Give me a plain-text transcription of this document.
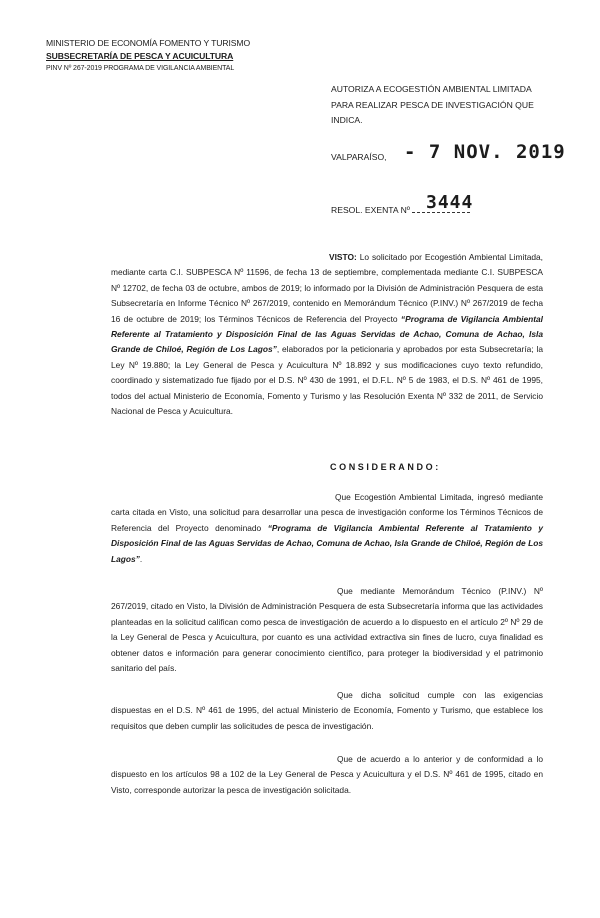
MINISTERIO DE ECONOMÍA FOMENTO Y TURISMO
SUBSECRETARÍA DE PESCA Y ACUICULTURA
PINV Nº 267-2019 PROGRAMA DE VIGILANCIA AMBIENTAL
AUTORIZA A ECOGESTIÓN AMBIENTAL LIMITADA
PARA REALIZAR PESCA DE INVESTIGACIÓN QUE
INDICA.
VALPARAÍSO, - 7 NOV. 2019
RESOL. EXENTA Nº 3444
VISTO: Lo solicitado por Ecogestión Ambiental Limitada, mediante carta C.I. SUBPESCA Nº 11596, de fecha 13 de septiembre, complementada mediante C.I. SUBPESCA Nº 12702, de fecha 03 de octubre, ambos de 2019; lo informado por la División de Administración Pesquera de esta Subsecretaría en Informe Técnico Nº 267/2019, contenido en Memorándum Técnico (P.INV.) Nº 267/2019 de fecha 16 de octubre de 2019; los Términos Técnicos de Referencia del Proyecto “Programa de Vigilancia Ambiental Referente al Tratamiento y Disposición Final de las Aguas Servidas de Achao, Comuna de Achao, Isla Grande de Chiloé, Región de Los Lagos”, elaborados por la peticionaria y aprobados por esta Subsecretaría; la Ley Nº 19.880; la Ley General de Pesca y Acuicultura Nº 18.892 y sus modificaciones cuyo texto refundido, coordinado y sistematizado fue fijado por el D.S. Nº 430 de 1991, el D.F.L. Nº 5 de 1983, el D.S. Nº 461 de 1995, todos del actual Ministerio de Economía, Fomento y Turismo y las Resolución Exenta Nº 332 de 2011, de Servicio Nacional de Pesca y Acuicultura.
CONSIDERANDO:
Que Ecogestión Ambiental Limitada, ingresó mediante carta citada en Visto, una solicitud para desarrollar una pesca de investigación conforme los Términos Técnicos de Referencia del Proyecto denominado “Programa de Vigilancia Ambiental Referente al Tratamiento y Disposición Final de las Aguas Servidas de Achao, Comuna de Achao, Isla Grande de Chiloé, Región de Los Lagos”.
Que mediante Memorándum Técnico (P.INV.) Nº 267/2019, citado en Visto, la División de Administración Pesquera de esta Subsecretaría informa que las actividades planteadas en la solicitud califican como pesca de investigación de acuerdo a lo dispuesto en el artículo 2º Nº 29 de la Ley General de Pesca y Acuicultura, por cuanto es una actividad extractiva sin fines de lucro, cuya finalidad es obtener datos e información para generar conocimiento científico, para proteger la biodiversidad y el patrimonio sanitario del país.
Que dicha solicitud cumple con las exigencias dispuestas en el D.S. Nº 461 de 1995, del actual Ministerio de Economía, Fomento y Turismo, que establece los requisitos que deben cumplir las solicitudes de pesca de investigación.
Que de acuerdo a lo anterior y de conformidad a lo dispuesto en los artículos 98 a 102 de la Ley General de Pesca y Acuicultura y el D.S. Nº 461 de 1995, citado en Visto, corresponde autorizar la pesca de investigación solicitada.
